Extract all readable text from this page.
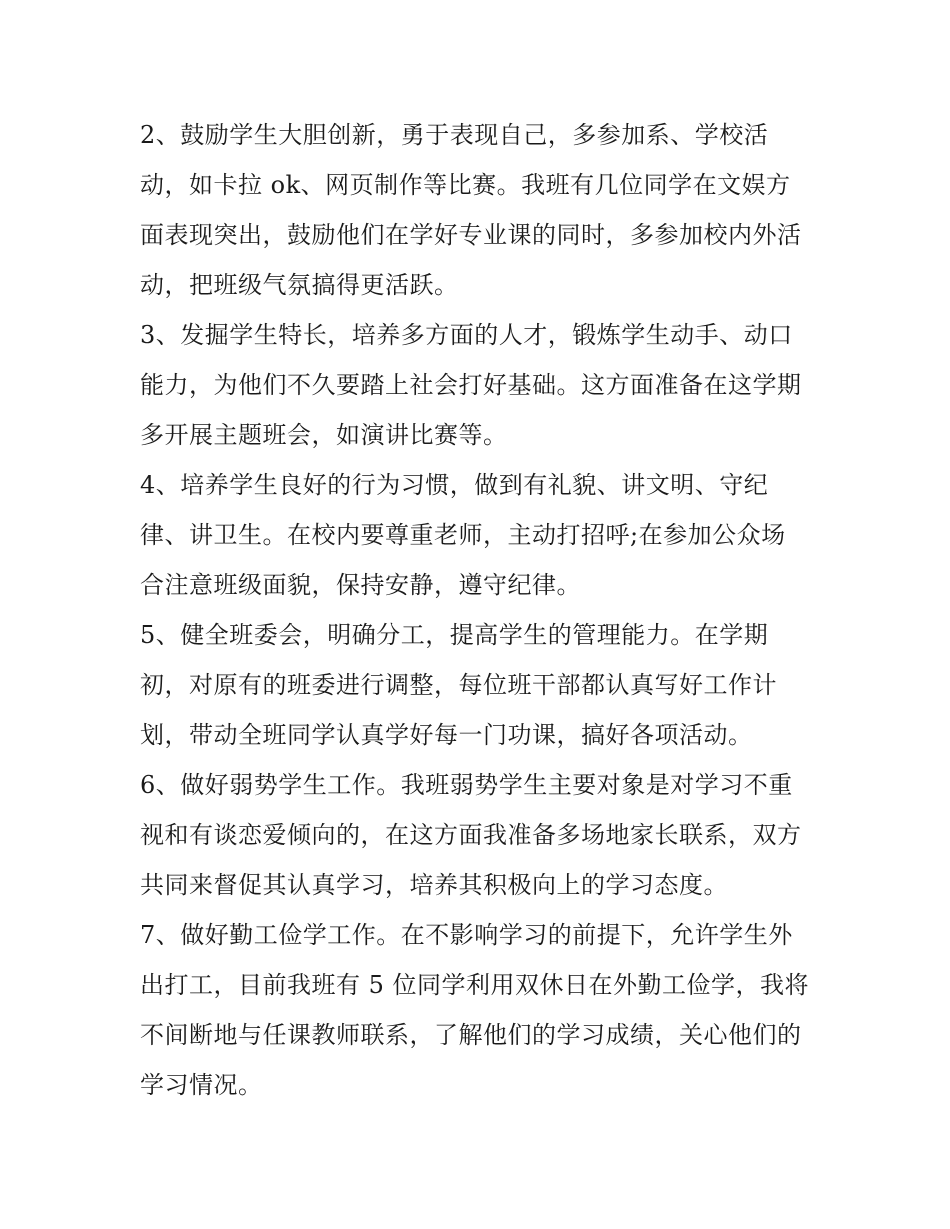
2、鼓励学生大胆创新，勇于表现自己，多参加系、学校活
动，如卡拉 ok、网页制作等比赛。我班有几位同学在文娱方
面表现突出，鼓励他们在学好专业课的同时，多参加校内外活
动，把班级气氛搞得更活跃。

3、发掘学生特长，培养多方面的人才，锻炼学生动手、动口
能力，为他们不久要踏上社会打好基础。这方面准备在这学期
多开展主题班会，如演讲比赛等。

4、培养学生良好的行为习惯，做到有礼貌、讲文明、守纪
律、讲卫生。在校内要尊重老师，主动打招呼;在参加公众场
合注意班级面貌，保持安静，遵守纪律。

5、健全班委会，明确分工，提高学生的管理能力。在学期
初，对原有的班委进行调整，每位班干部都认真写好工作计
划，带动全班同学认真学好每一门功课，搞好各项活动。

6、做好弱势学生工作。我班弱势学生主要对象是对学习不重
视和有谈恋爱倾向的，在这方面我准备多场地家长联系，双方
共同来督促其认真学习，培养其积极向上的学习态度。

7、做好勤工俭学工作。在不影响学习的前提下，允许学生外
出打工，目前我班有 5 位同学利用双休日在外勤工俭学，我将
不间断地与任课教师联系，了解他们的学习成绩，关心他们的
学习情况。
